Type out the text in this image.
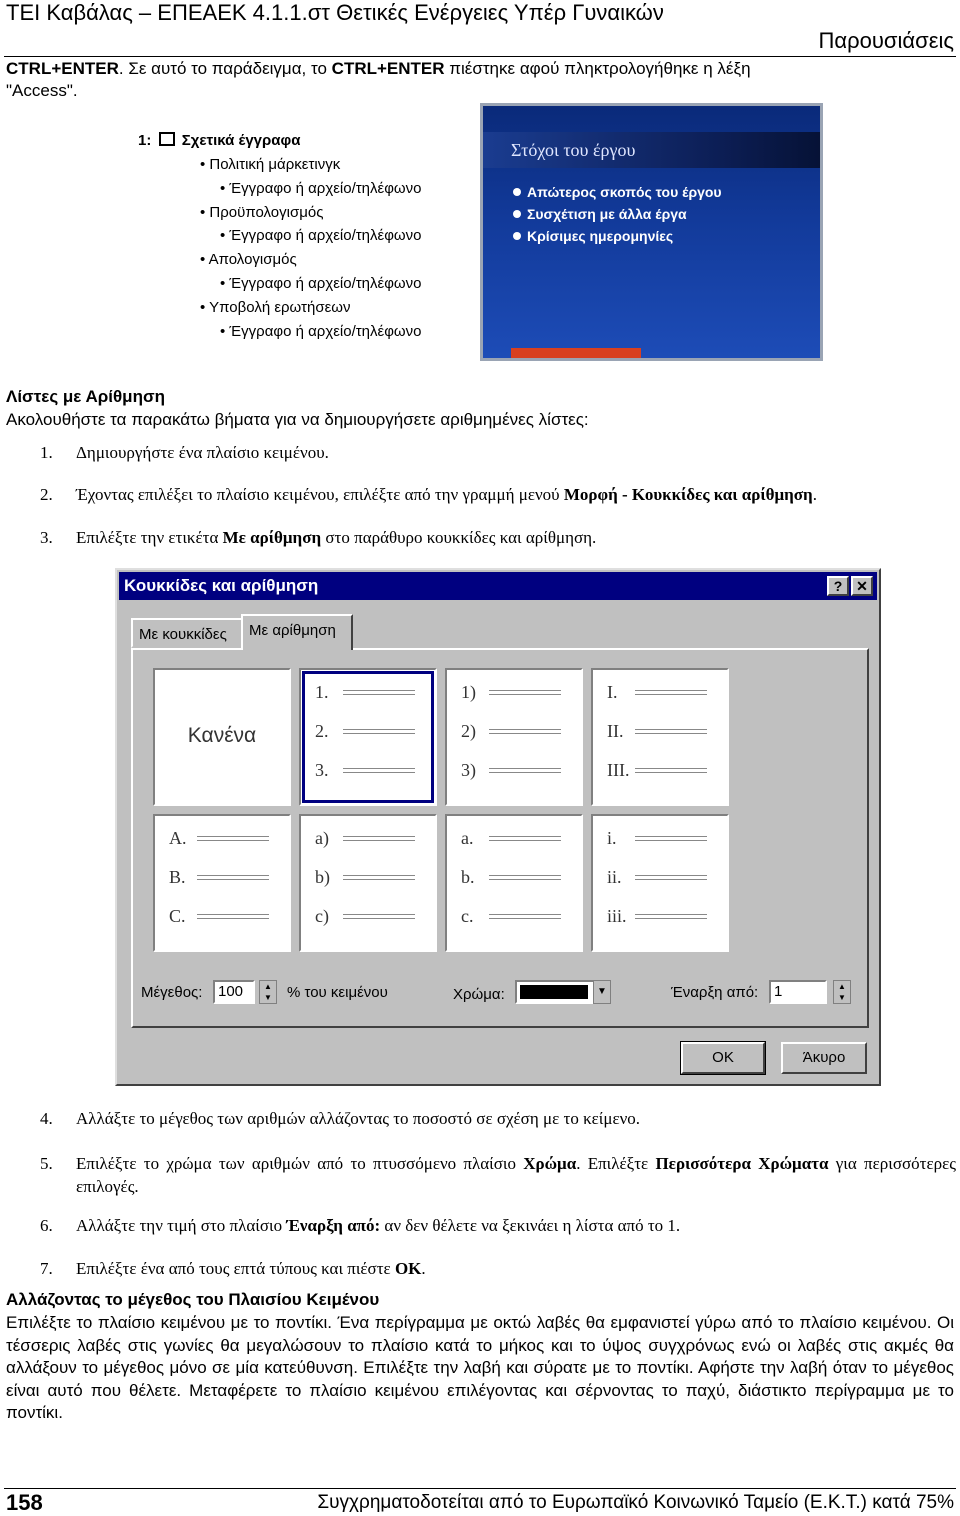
ΤΕΙ Καβάλας – ΕΠΕΑΕΚ 4.1.1.στ Θετικές Ενέργειες Υπέρ Γυναικών
Παρουσιάσεις
CTRL+ENTER. Σε αυτό το παράδειγμα, το CTRL+ENTER πιέστηκε αφού πληκτρολογήθηκε η λέξη
"Access".
1: Σχετικά έγγραφα
• Πολιτική μάρκετινγκ
• Έγγραφο ή αρχείο/τηλέφωνο
• Προϋπολογισμός
• Έγγραφο ή αρχείο/τηλέφωνο
• Απολογισμός
• Έγγραφο ή αρχείο/τηλέφωνο
• Υποβολή ερωτήσεων
• Έγγραφο ή αρχείο/τηλέφωνο
Στόχοι του έργου
Απώτερος σκοπός του έργου
Συσχέτιση με άλλα έργα
Κρίσιμες ημερομηνίες
Λίστες με Αρίθμηση
Ακολουθήστε τα παρακάτω βήματα για να δημιουργήσετε αριθμημένες λίστες:
1. Δημιουργήστε ένα πλαίσιο κειμένου.
2. Έχοντας επιλέξει το πλαίσιο κειμένου, επιλέξτε από την γραμμή μενού Μορφή - Κουκκίδες και αρίθμηση.
3. Επιλέξτε την ετικέτα Με αρίθμηση στο παράθυρο κουκκίδες και αρίθμηση.
Κουκκίδες και αρίθμηση	? ✕
Με κουκκίδες	Με αρίθμηση
Κανένα
Μέγεθος:	100	▲
▼	% του κειμένου	Χρώμα:	▼	Έναρξη από:	1	▲
▼
OK	Άκυρο
1.
2.
3.
1)
2)
3)
I.
II.
III.
A.
B.
C.
a)
b)
c)
a.
b.
c.
i.
ii.
iii.
4. Αλλάξτε το μέγεθος των αριθμών αλλάζοντας το ποσοστό σε σχέση με το κείμενο.
5. Επιλέξτε το χρώμα των αριθμών από το πτυσσόμενο πλαίσιο Χρώμα. Επιλέξτε Περισσότερα Χρώματα για περισσότερες επιλογές.
6. Αλλάξτε την τιμή στο πλαίσιο Έναρξη από: αν δεν θέλετε να ξεκινάει η λίστα από το 1.
7. Επιλέξτε ένα από τους επτά τύπους και πιέστε OK.
Αλλάζοντας το μέγεθος του Πλαισίου Κειμένου
Επιλέξτε το πλαίσιο κειμένου με το ποντίκι. Ένα περίγραμμα με οκτώ λαβές θα εμφανιστεί γύρω από το πλαίσιο κειμένου. Οι τέσσερις λαβές στις γωνίες θα μεγαλώσουν το πλαίσιο κατά το μήκος και το ύψος συγχρόνως ενώ οι λαβές στις ακμές θα αλλάξουν το μέγεθος μόνο σε μία κατεύθυνση. Επιλέξτε την λαβή και σύρατε με το ποντίκι. Αφήστε την λαβή όταν το μέγεθος είναι αυτό που θέλετε. Μεταφέρετε το πλαίσιο κειμένου επιλέγοντας και σέρνοντας το παχύ, διάστικτο περίγραμμα με το ποντίκι.
158	Συγχρηματοδοτείται από το Ευρωπαϊκό Κοινωνικό Ταμείο (Ε.Κ.Τ.) κατά 75%
